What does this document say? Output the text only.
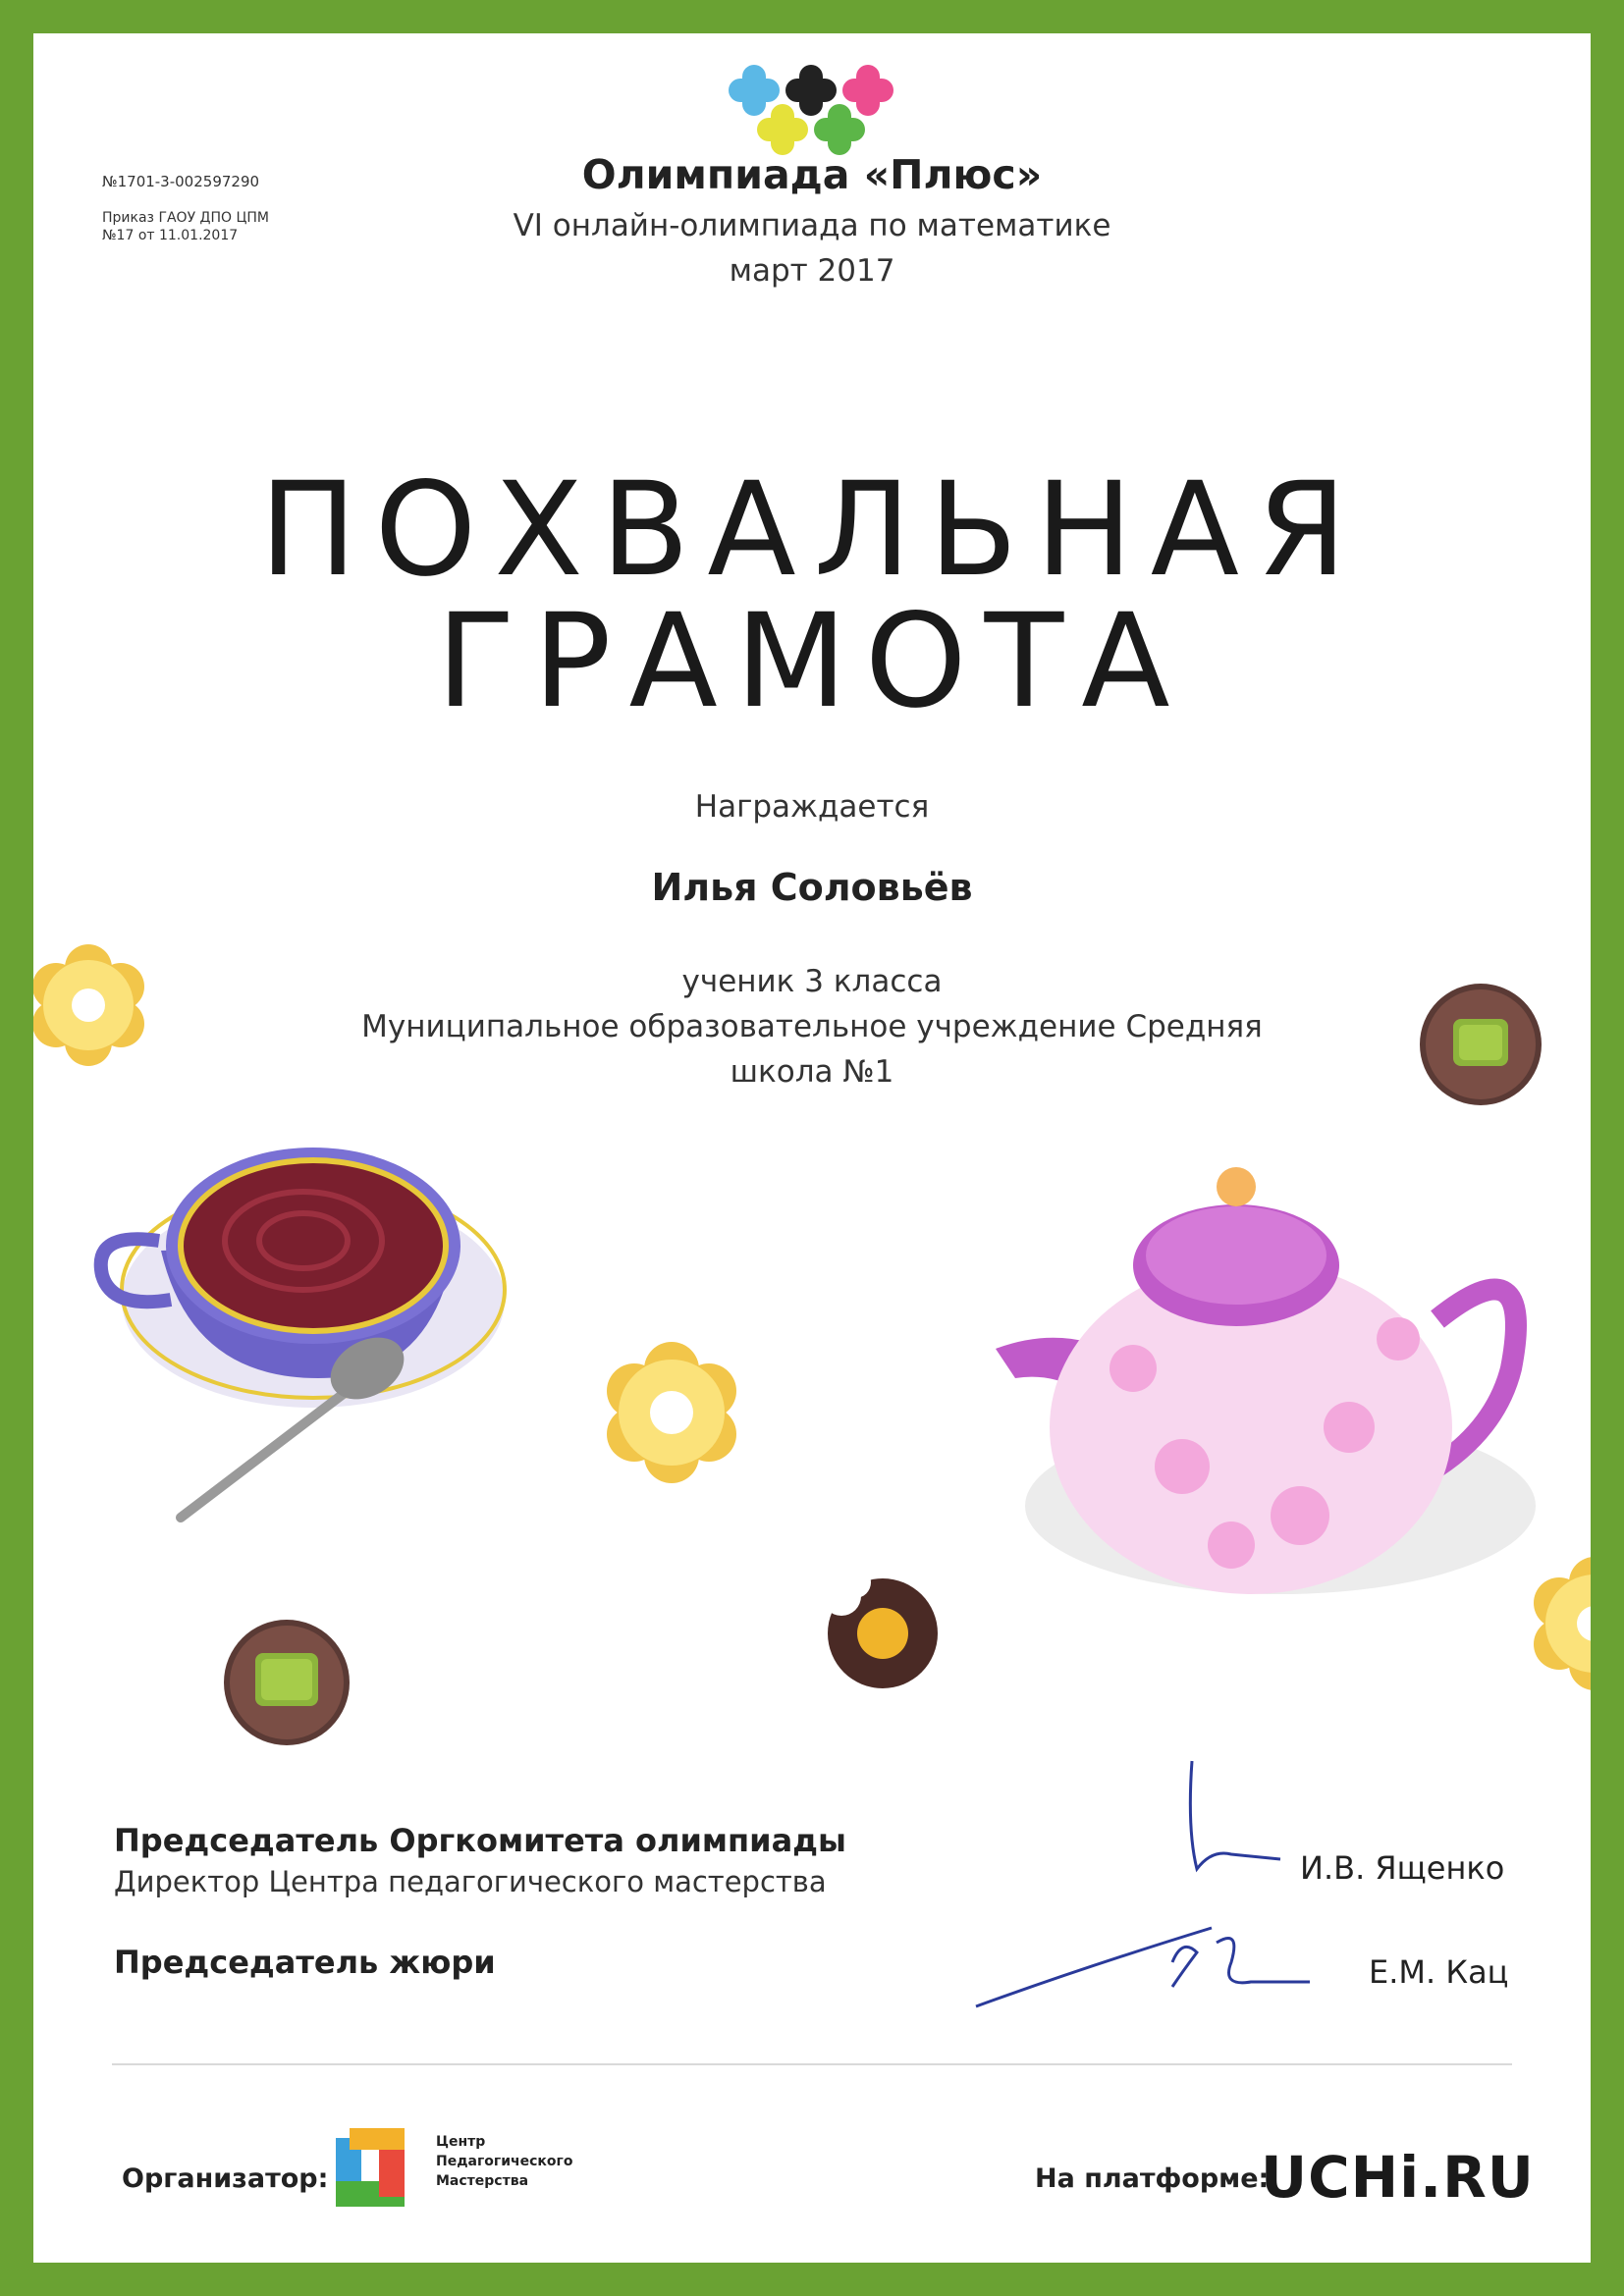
№1701-3-002597290
Приказ ГАОУ ДПО ЦПМ
№17 от 11.01.2017
Олимпиада «Плюс»
VI онлайн-олимпиада по математике
март 2017
ПОХВАЛЬНАЯ
ГРАМОТА
Награждается
Илья Соловьёв
ученик 3 класса
Муниципальное образовательное учреждение Средняя
школа №1
Председатель Оргкомитета олимпиады
Директор Центра педагогического мастерства
Председатель жюри
И.В. Ященко
Е.М. Кац
Организатор:
Центр
Педагогического
Мастерства	На платформе:
UCHi.RU
